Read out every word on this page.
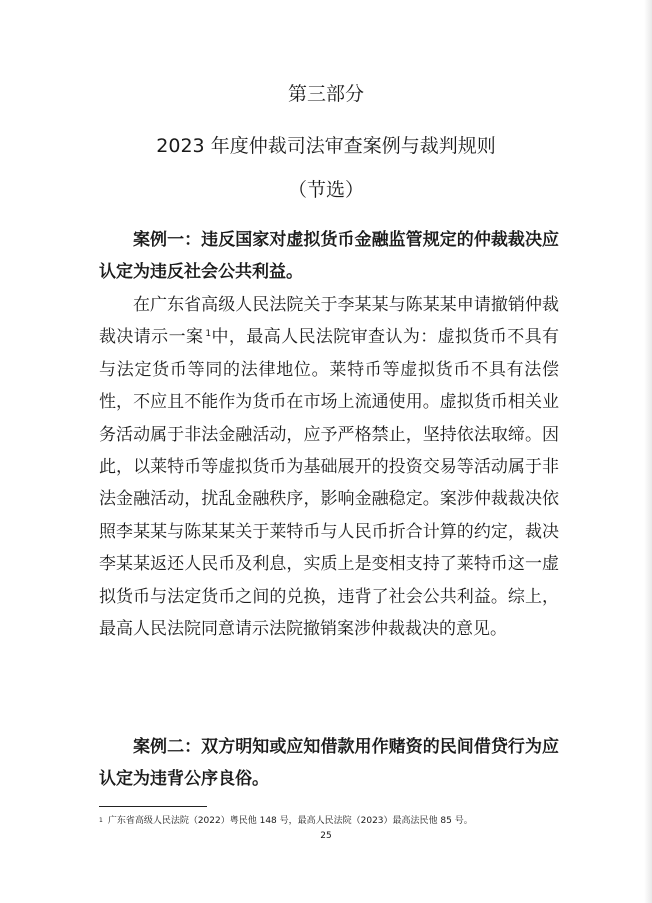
第三部分
2023 年度仲裁司法审查案例与裁判规则
（节选）

案例一：违反国家对虚拟货币金融监管规定的仲裁裁决应认定为违反社会公共利益。

在广东省高级人民法院关于李某某与陈某某申请撤销仲裁裁决请示一案 $^1$中，最高人民法院审查认为：虚拟货币不具有与法定货币等同的法律地位。莱特币等虚拟货币不具有法偿性，不应且不能作为货币在市场上流通使用。虚拟货币相关业务活动属于非法金融活动，应予严格禁止，坚持依法取缔。因此，以莱特币等虚拟货币为基础展开的投资交易等活动属于非法金融活动，扰乱金融秩序，影响金融稳定。案涉仲裁裁决依照李某某与陈某某关于莱特币与人民币折合计算的约定，裁决李某某返还人民币及利息，实质上是变相支持了莱特币这一虚拟货币与法定货币之间的兑换，违背了社会公共利益。综上，最高人民法院同意请示法院撤销案涉仲裁裁决的意见。

案例二：双方明知或应知借款用作赌资的民间借贷行为应认定为违背公序良俗。

$^1$ 广东省高级人民法院（2022）粤民他 148 号，最高人民法院（2023）最高法民他 85 号。
25
